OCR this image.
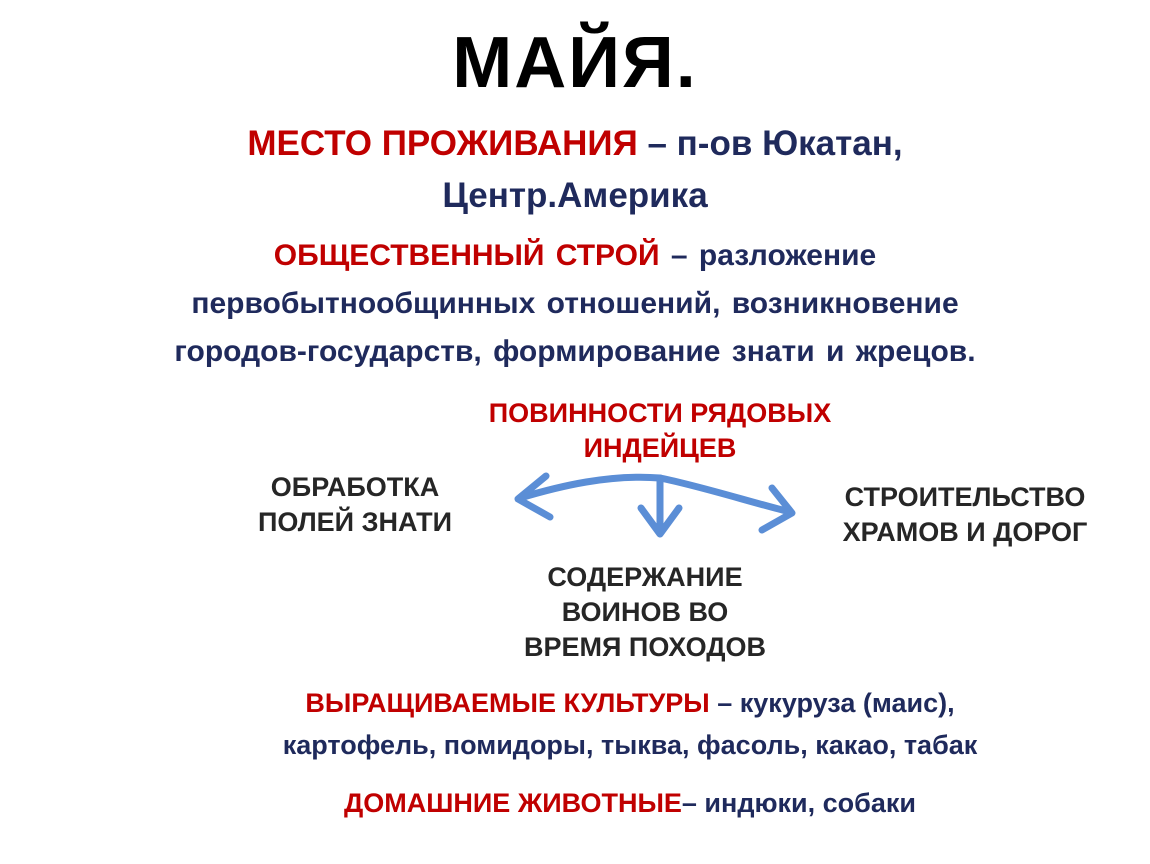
МАЙЯ.
МЕСТО ПРОЖИВАНИЯ – п-ов Юкатан,
Центр.Америка
ОБЩЕСТВЕННЫЙ СТРОЙ – разложение
первобытнообщинных отношений, возникновение
городов-государств, формирование знати и жрецов.
ПОВИННОСТИ РЯДОВЫХ
ИНДЕЙЦЕВ
ОБРАБОТКА
ПОЛЕЙ ЗНАТИ
СТРОИТЕЛЬСТВО
ХРАМОВ И ДОРОГ
СОДЕРЖАНИЕ
ВОИНОВ ВО
ВРЕМЯ ПОХОДОВ
ВЫРАЩИВАЕМЫЕ КУЛЬТУРЫ – кукуруза (маис),
картофель, помидоры, тыква, фасоль, какао, табак
ДОМАШНИЕ ЖИВОТНЫЕ– индюки, собаки
